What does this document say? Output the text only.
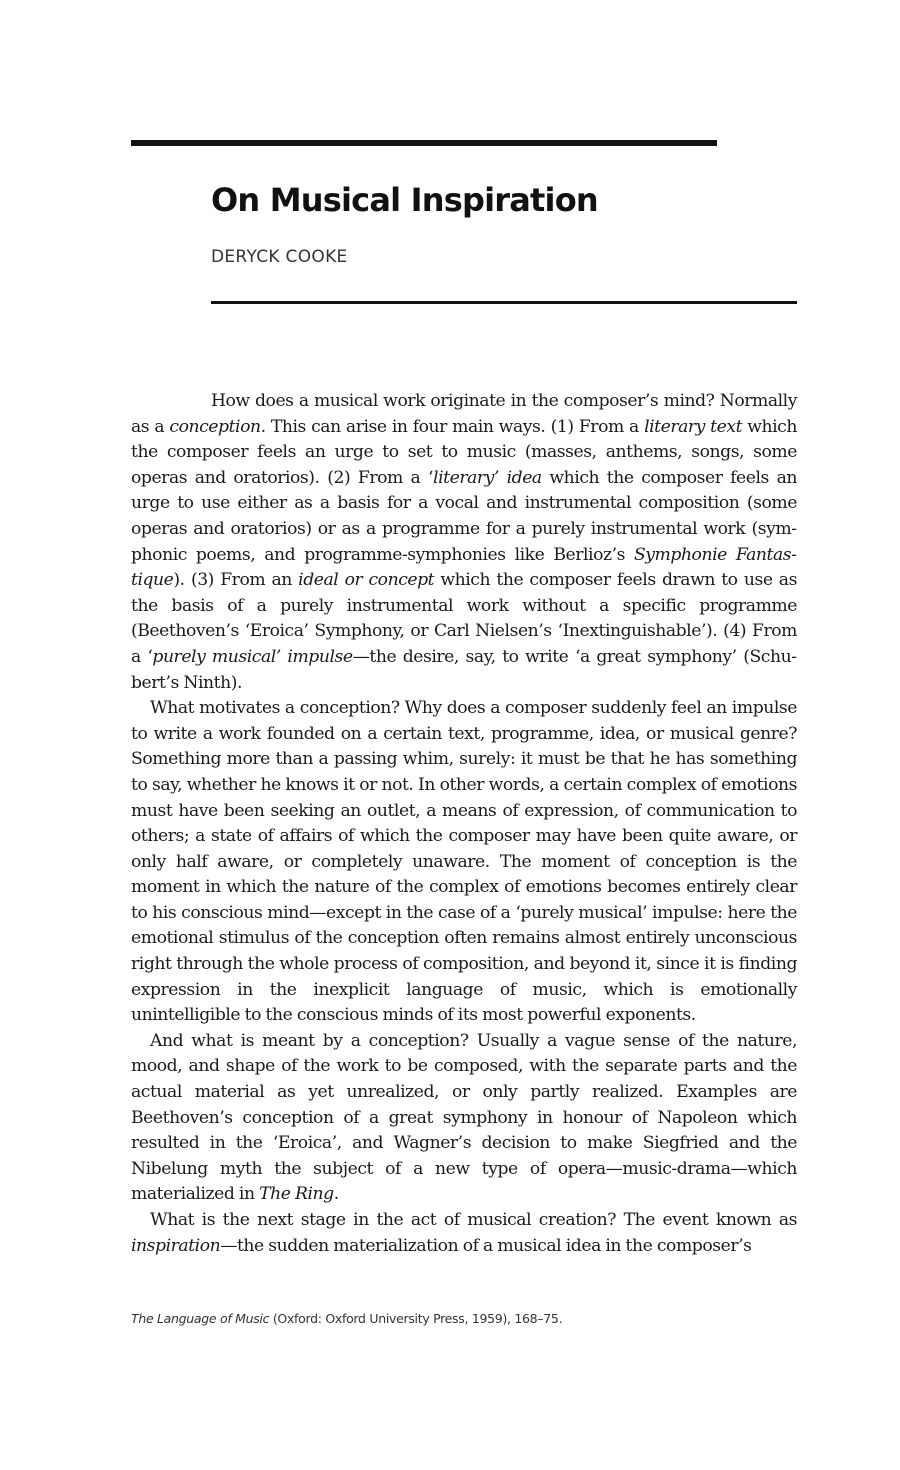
On Musical Inspiration
DERYCK COOKE

How does a musical work originate in the composer’s mind? Normally as a conception. This can arise in four main ways. (1) From a literary text which the composer feels an urge to set to music (masses, anthems, songs, some operas and oratorios). (2) From a ‘literary’ idea which the composer feels an urge to use either as a basis for a vocal and instrumental composition (some operas and oratorios) or as a programme for a purely instrumental work (symphonic poems, and programme-symphonies like Berlioz’s Symphonie Fantastique). (3) From an ideal or concept which the composer feels drawn to use as the basis of a purely instrumental work without a specific programme (Beethoven’s ‘Eroica’ Symphony, or Carl Nielsen’s ‘Inextinguishable’). (4) From a ‘purely musical’ impulse—the desire, say, to write ‘a great symphony’ (Schubert’s Ninth).

What motivates a conception? Why does a composer suddenly feel an impulse to write a work founded on a certain text, programme, idea, or musical genre? Something more than a passing whim, surely: it must be that he has something to say, whether he knows it or not. In other words, a certain complex of emotions must have been seeking an outlet, a means of expression, of communication to others; a state of affairs of which the composer may have been quite aware, or only half aware, or completely unaware. The moment of conception is the moment in which the nature of the complex of emotions becomes entirely clear to his conscious mind—except in the case of a ‘purely musical’ impulse: here the emotional stimulus of the conception often remains almost entirely unconscious right through the whole process of composition, and beyond it, since it is finding expression in the inexplicit language of music, which is emotionally unintelligible to the conscious minds of its most powerful exponents.

And what is meant by a conception? Usually a vague sense of the nature, mood, and shape of the work to be composed, with the separate parts and the actual material as yet unrealized, or only partly realized. Examples are Beethoven’s conception of a great symphony in honour of Napoleon which resulted in the ‘Eroica’, and Wagner’s decision to make Siegfried and the Nibelung myth the subject of a new type of opera—music-drama—which materialized in The Ring.

What is the next stage in the act of musical creation? The event known as inspiration—the sudden materialization of a musical idea in the composer’s

The Language of Music (Oxford: Oxford University Press, 1959), 168–75.
